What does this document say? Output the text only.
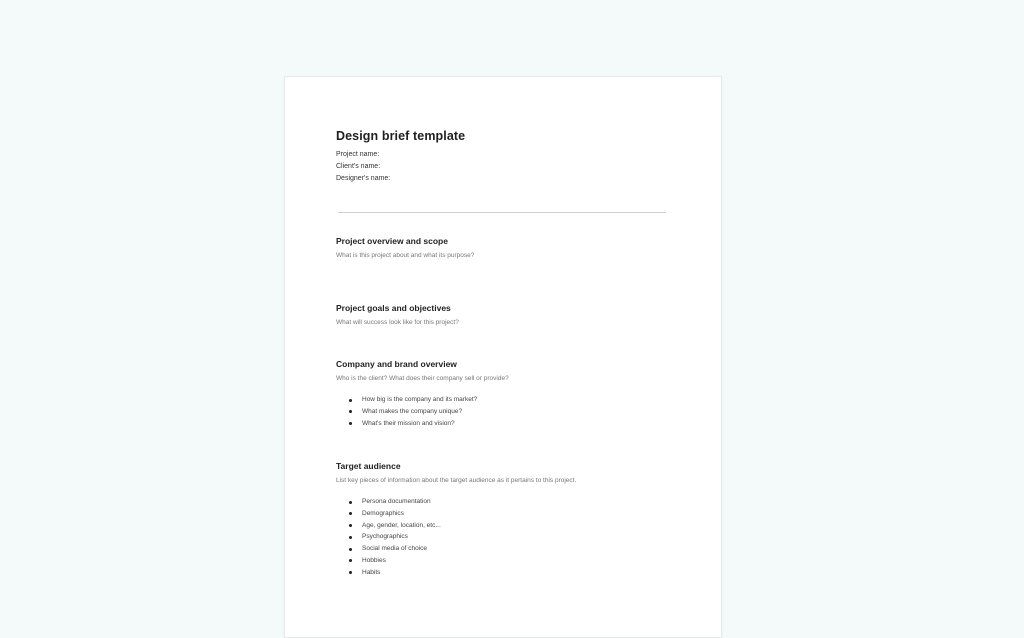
Design brief template
Project name:
Client's name:
Designer's name:
Project overview and scope

What is this project about and what its purpose?

Project goals and objectives

What will success look like for this project?

Company and brand overview

Who is the client? What does their company sell or provide?

How big is the company and its market?
What makes the company unique?
What's their mission and vision?
Target audience

List key pieces of information about the target audience as it pertains to this project.

Persona documentation
Demographics
Age, gender, location, etc...
Psychographics
Social media of choice
Hobbies
Habits
